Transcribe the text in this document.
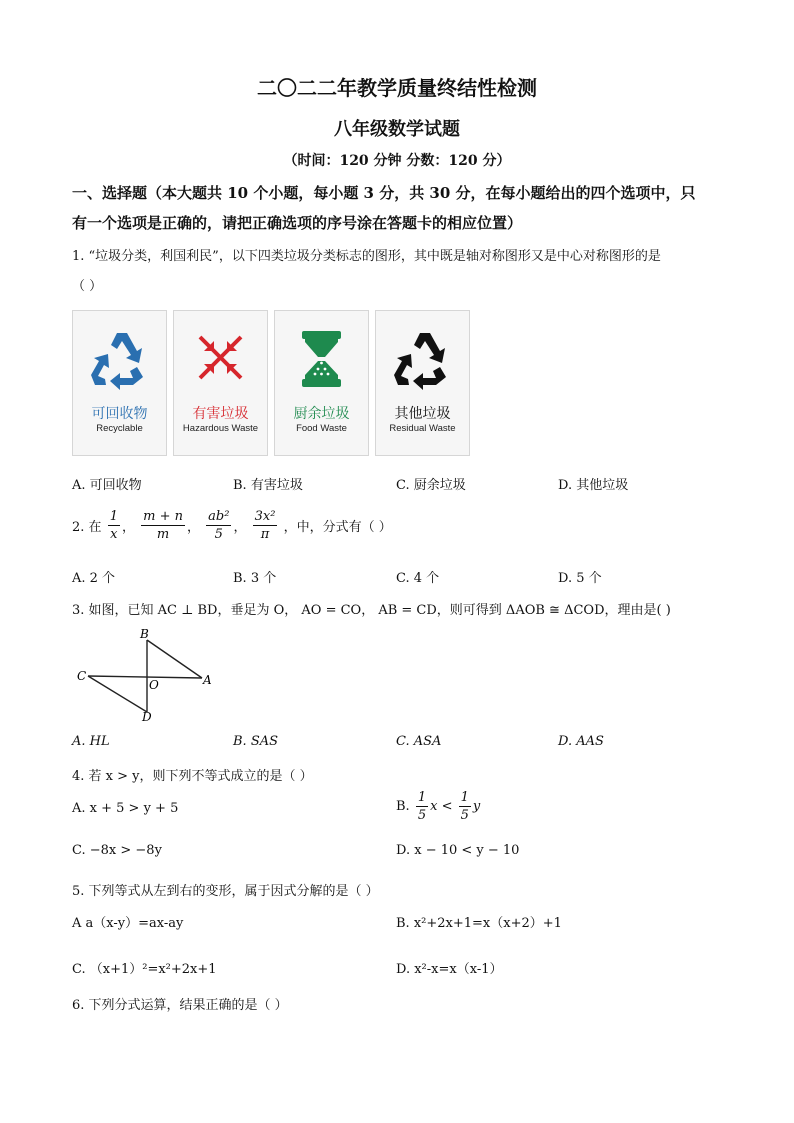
二〇二二年教学质量终结性检测
八年级数学试题
（时间：120 分钟 分数：120 分）
一、选择题（本大题共 10 个小题，每小题 3 分，共 30 分，在每小题给出的四个选项中，只
有一个选项是正确的，请把正确选项的序号涂在答题卡的相应位置）
1. “垃圾分类，利国利民”，以下四类垃圾分类标志的图形，其中既是轴对称图形又是中心对称图形的是
（ ）
可回收物
Recyclable
有害垃圾
Hazardous Waste
厨余垃圾
Food Waste
其他垃圾
Residual Waste
A. 可回收物	B. 有害垃圾	C. 厨余垃圾	D. 其他垃圾
2. 在 $\frac{1}{x}$ ， $\frac{m + n}{m}$ ， $\frac{\text{ab²}}{5}$ ， $\frac{\text{3x²}}{\pi}$ ，中，分式有（ ）
A. 2 个	B. 3 个	C. 4 个	D. 5 个
3. 如图，已知 AC ⊥ BD，垂足为 O， AO = CO， AB = CD，则可得到 ΔAOB ≅ ΔCOD，理由是( )
B
C
O	A
D
A. HL	B. SAS	C. ASA	D. AAS
4. 若 x > y，则下列不等式成立的是（ ）
A. x + 5 > y + 5	B. $\frac{1}{5}$ $x < \frac{1}{5}$ y
C. −8x > −8y	D. x − 10 < y − 10
5. 下列等式从左到右的变形，属于因式分解的是（ ）
A a（x-y）=ax-ay	B. x²+2x+1=x（x+2）+1
C. （x+1）²=x²+2x+1	D. x²-x=x（x-1）
6. 下列分式运算，结果正确的是（ ）
